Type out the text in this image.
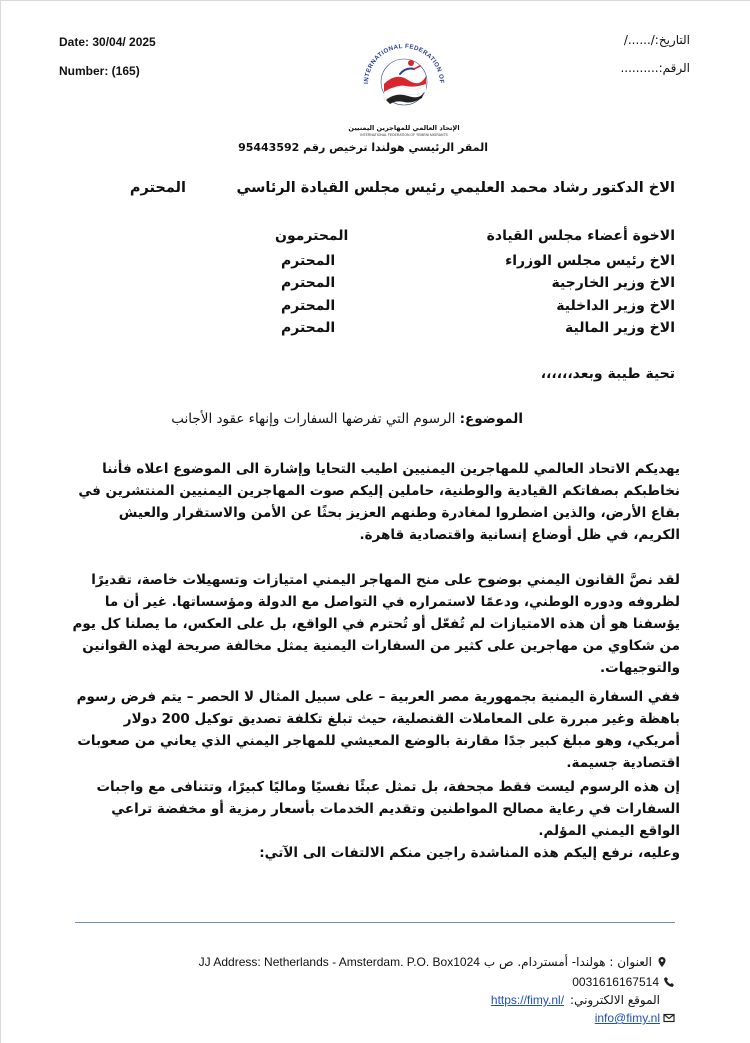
Date: 30/04/ 2025
Number: (165)
التاريخ:/....../
الرقم:..........
INTERNATIONAL FEDERATION OF
الإتحاد العالمي للمهاجرين اليمنيين
INTERNATIONAL FEDERATION OF YEMENI MIGRANTS
المقر الرئيسي هولندا ترخيص رقم 95443592
الاخ الدكتور رشاد محمد العليمي رئيس مجلس القيادة الرئاسي          المحترم
الاخوة أعضاء مجلس القيادة
المحترمون
الاخ رئيس مجلس الوزراء
المحترم
الاخ وزير الخارجية
المحترم
الاخ وزير الداخلية
المحترم
الاخ وزير المالية
المحترم
تحية طيبة وبعد،،،،،،
الموضوع: الرسوم التي تفرضها السفارات وإنهاء عقود الأجانب

يهديكم الاتحاد العالمي للمهاجرين اليمنيين اطيب التحايا وإشارة الى الموضوع اعلاه فأننا نخاطبكم بصفاتكم القيادية والوطنية، حاملين إليكم صوت المهاجرين اليمنيين المنتشرين في بقاع الأرض، والذين اضطروا لمغادرة وطنهم العزيز بحثًا عن الأمن والاستقرار والعيش الكريم، في ظل أوضاع إنسانية واقتصادية قاهرة.

لقد نصَّ القانون اليمني بوضوح على منح المهاجر اليمني امتيازات وتسهيلات خاصة، تقديرًا لظروفه ودوره الوطني، ودعمًا لاستمراره في التواصل مع الدولة ومؤسساتها. غير أن ما يؤسفنا هو أن هذه الامتيازات لم تُفعّل أو تُحترم في الواقع، بل على العكس، ما يصلنا كل يوم من شكاوي من مهاجرين على كثير من السفارات اليمنية يمثل مخالفة صريحة لهذه القوانين والتوجيهات.

ففي السفارة اليمنية بجمهورية مصر العربية – على سبيل المثال لا الحصر – يتم فرض رسوم باهظة وغير مبررة على المعاملات القنصلية، حيث تبلغ تكلفة تصديق توكيل 200 دولار أمريكي، وهو مبلغ كبير جدًا مقارنة بالوضع المعيشي للمهاجر اليمني الذي يعاني من صعوبات اقتصادية جسيمة.

إن هذه الرسوم ليست فقط مجحفة، بل تمثل عبئًا نفسيًا وماليًا كبيرًا، وتتنافى مع واجبات السفارات في رعاية مصالح المواطنين وتقديم الخدمات بأسعار رمزية أو مخفضة تراعي الواقع اليمني المؤلم.

وعليه، نرفع إليكم هذه المناشدة راجين منكم الالتفات الى الآتي:

JJ Address: Netherlands - Amsterdam. P.O. Box1024 العنوان : هولندا- أمستردام. ص ب
0031616167514
https://fimy.nl/ الموقع الالكتروني:
info@fimy.nl
